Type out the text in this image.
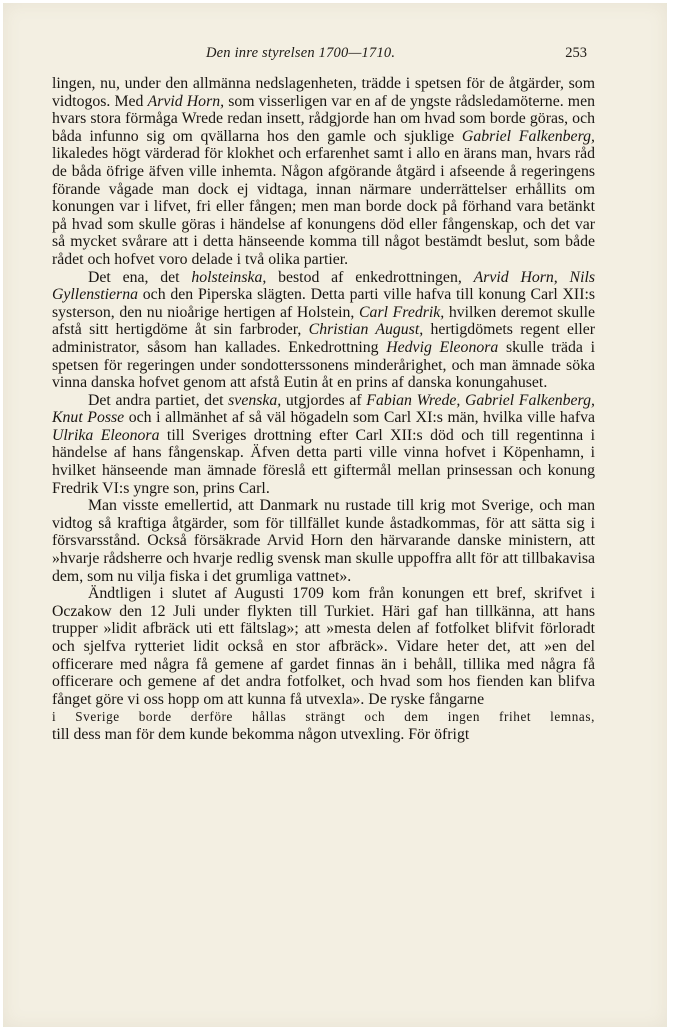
Den inre styrelsen 1700—1710.	253

lingen, nu, under den allmänna nedslagenheten, trädde i spetsen för de åtgärder, som vidtogos. Med Arvid Horn, som visserligen var en af de yngste rådsledamöterne. men hvars stora förmåga Wrede redan insett, rådgjorde han om hvad som borde göras, och båda infunno sig om qvällarna hos den gamle och sjuklige Gabriel Falkenberg, likaledes högt värderad för klokhet och erfarenhet samt i allo en ärans man, hvars råd de båda öfrige äfven ville inhemta. Någon afgörande åtgärd i afseende å regeringens förande vågade man dock ej vidtaga, innan närmare underrättelser erhållits om konungen var i lifvet, fri eller fången; men man borde dock på förhand vara betänkt på hvad som skulle göras i händelse af konungens död eller fångenskap, och det var så mycket svårare att i detta hänseende komma till något bestämdt beslut, som både rådet och hofvet voro delade i två olika partier.

Det ena, det holsteinska, bestod af enkedrottningen, Arvid Horn, Nils Gyllenstierna och den Piperska slägten. Detta parti ville hafva till konung Carl XII:s systerson, den nu nioårige hertigen af Holstein, Carl Fredrik, hvilken deremot skulle afstå sitt hertigdöme åt sin farbroder, Christian August, hertigdömets regent eller administrator, såsom han kallades. Enkedrottning Hedvig Eleonora skulle träda i spetsen för regeringen under sondotterssonens minderårighet, och man ämnade söka vinna danska hofvet genom att afstå Eutin åt en prins af danska konungahuset.

Det andra partiet, det svenska, utgjordes af Fabian Wrede, Gabriel Falkenberg, Knut Posse och i allmänhet af så väl högadeln som Carl XI:s män, hvilka ville hafva Ulrika Eleonora till Sveriges drottning efter Carl XII:s död och till regentinna i händelse af hans fångenskap. Äfven detta parti ville vinna hofvet i Köpenhamn, i hvilket hänseende man ämnade föreslå ett giftermål mellan prinsessan och konung Fredrik VI:s yngre son, prins Carl.

Man visste emellertid, att Danmark nu rustade till krig mot Sverige, och man vidtog så kraftiga åtgärder, som för tillfället kunde åstadkommas, för att sätta sig i försvarsstånd. Också försäkrade Arvid Horn den härvarande danske ministern, att »hvarje rådsherre och hvarje redlig svensk man skulle uppoffra allt för att tillbakavisa dem, som nu vilja fiska i det grumliga vattnet».

Ändtligen i slutet af Augusti 1709 kom från konungen ett bref, skrifvet i Oczakow den 12 Juli under flykten till Turkiet. Häri gaf han tillkänna, att hans trupper »lidit afbräck uti ett fältslag»; att »mesta delen af fotfolket blifvit förloradt och sjelfva rytteriet lidit också en stor afbräck». Vidare heter det, att »en del officerare med några få gemene af gardet finnas än i behåll, tillika med några få officerare och gemene af det andra fotfolket, och hvad som hos fienden kan blifva fånget göre vi oss hopp om att kunna få utvexla». De ryske fångarne

i Sverige borde derföre hållas strängt och dem ingen frihet lemnas,
till dess man för dem kunde bekomma någon utvexling. För öfrigt
